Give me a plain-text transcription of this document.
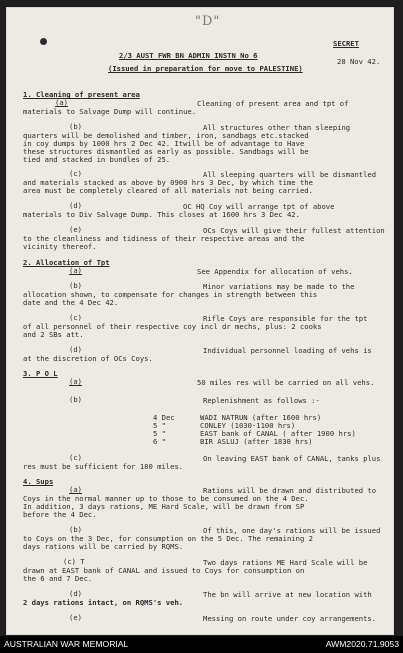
"D"
SECRET
2/3 AUST FWR BN ADMIN INSTN No 6
28 Nov 42.
(Issued in preparation for move to PALESTINE)
1. Cleaning of present area
(a)	Cleaning of present area and tpt of
materials to Salvage Dump will continue.
(b)	All structures other than sleeping
quarters will be demolished and timber, iron, sandbags etc.stacked
in coy dumps by 1000 hrs 2 Dec 42. Itwill be of advantage to Have
these structures dismantled as early as possible. Sandbags will be
tied and stacked in bundles of 25.
(c)	All sleeping quarters will be dismantled
and materials stacked as above by 0900 hrs 3 Dec, by which time the
area must be completely cleared of all materials not being carried.
(d)	OC HQ Coy will arrange tpt of above
materials to Div Salvage Dump. This closes at 1600 hrs 3 Dec 42.
(e)	OCs Coys will give their fullest attention
to the cleanliness and tidiness of their respective areas and the
vicinity thereof.
2. Allocation of Tpt
(a)	See Appendix for allocation of vehs.
(b)	Minor variations may be made to the
allocation shown, to compensate for changes in strength between this
date and the 4 Dec 42.
(c)	Rifle Coys are responsible for the tpt
of all personnel of their respective coy incl dr mechs, plus: 2 cooks
and 2 SBs att.
(d)	Individual personnel loading of vehs is
at the discretion of OCs Coys.
3. P O L
(a)	50 miles res will be carried on all vehs.
(b)	Replenishment as follows :-
4 Dec	WADI NATRUN (after 1600 hrs)
5 "	CONLEY (1030-1100 hrs)
5 "	EAST bank of CANAL ( after 1900 hrs)
6 "	BIR ASLUJ (after 1830 hrs)
(c)	On leaving EAST bank of CANAL, tanks plus
res must be sufficient for 180 miles.
4. Sups
(a)	Rations will be drawn and distributed to
Coys in the normal manner up to those to be consumed on the 4 Dec.
In addition, 3 days rations, ME Hard Scale, will be drawn from SP
before the 4 Dec.
(b)	Of this, one day's rations will be issued
to Coys on the 3 Dec, for consumption on the 5 Dec. The remaining 2
days rations will be carried by RQMS.
(c) T	Two days rations ME Hard Scale will be
drawn at EAST bank of CANAL and issued to Coys for consumption on
the 6 and 7 Dec.
(d)	The bn will arrive at new location with
2 days rations intact, on RQMS's veh.
(e)	Messing on route under coy arrangements.
AUSTRALIAN WAR MEMORIAL	AWM2020.71.9053
